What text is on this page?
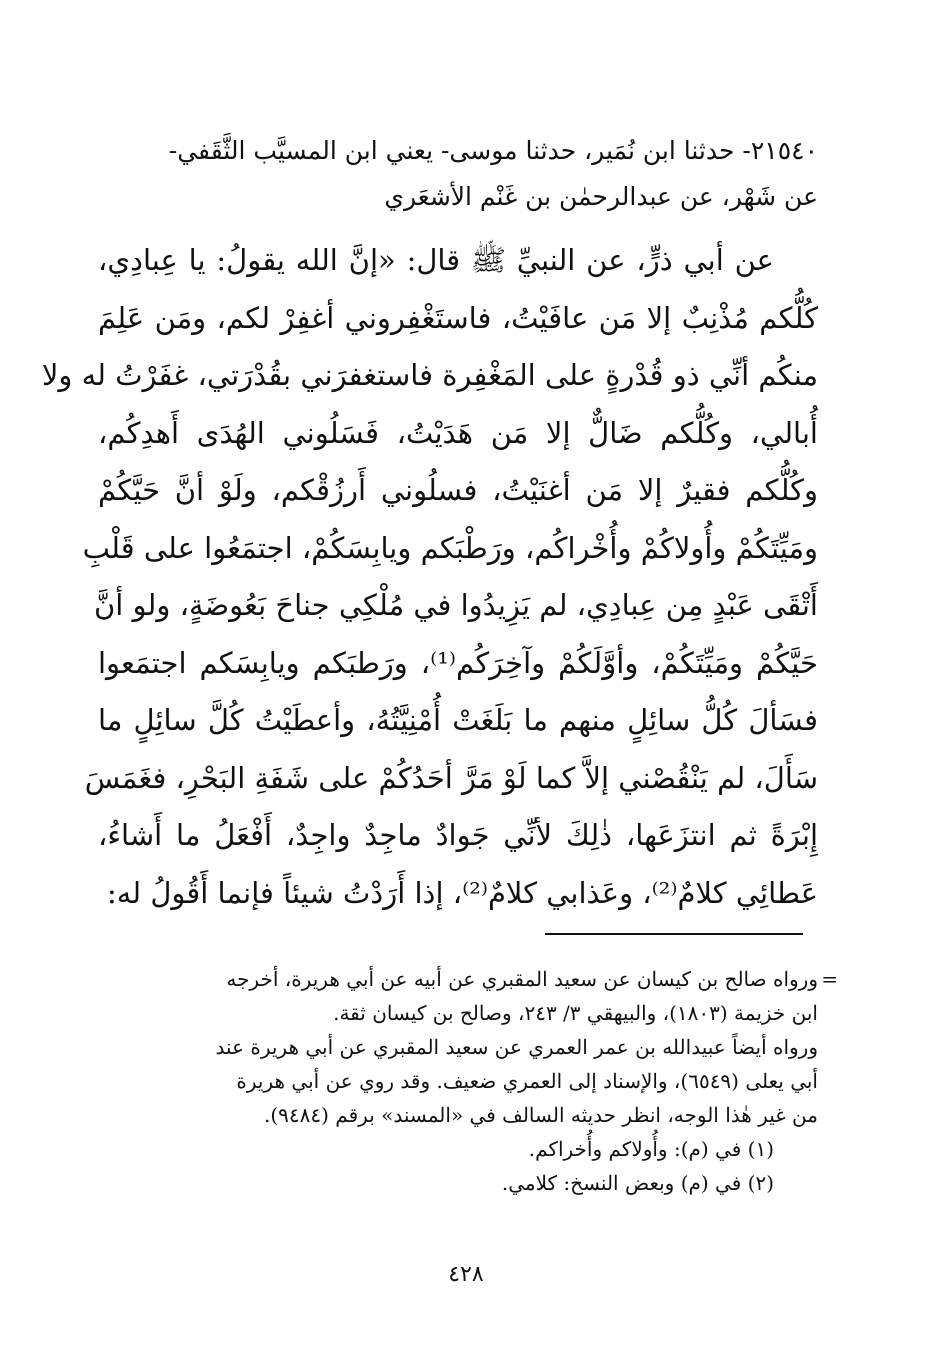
٢١٥٤٠- حدثنا ابن نُمَير، حدثنا موسى- يعني ابن المسيَّب الثَّقَفي-
عن شَهْر، عن عبدالرحمٰن بن غَنْم الأشعَري
عن أبي ذرٍّ، عن النبيِّ ﷺ قال: «إنَّ الله يقولُ: يا عِبادِي،
كُلُّكم مُذْنِبٌ إلا مَن عافَيْتُ، فاستَغْفِروني أغفِرْ لكم، ومَن عَلِمَ
منكُم أنِّي ذو قُدْرةٍ على المَغْفِرة فاستغفرَني بقُدْرَتي، غفَرْتُ له ولا
أُبالي، وكُلُّكم ضَالٌّ إلا مَن هَدَيْتُ، فَسَلُوني الهُدَى أَهدِكُم،
وكُلُّكم فقيرٌ إلا مَن أغنَيْتُ، فسلُوني أَرزُقْكم، ولَوْ أنَّ حَيَّكُمْ
ومَيِّتَكُمْ وأُولاكُمْ وأُخْراكُم، ورَطْبَكم ويابِسَكُمْ، اجتمَعُوا على قَلْبِ
أَتْقَى عَبْدٍ مِن عِبادِي، لم يَزِيدُوا في مُلْكِي جناحَ بَعُوضَةٍ، ولو أنَّ
حَيَّكُمْ ومَيِّتَكُمْ، وأوَّلَكُمْ وآخِرَكُم⁽¹⁾، ورَطبَكم ويابِسَكم اجتمَعوا
فسَألَ كُلُّ سائِلٍ منهم ما بَلَغَتْ أُمْنِيَّتُهُ، وأعطَيْتُ كُلَّ سائِلٍ ما
سَأَلَ، لم يَنْقُصْني إلاَّ كما لَوْ مَرَّ أحَدُكُمْ على شَفَةِ البَحْرِ، فغَمَسَ
إِبْرَةً ثم انتزَعَها، ذٰلِكَ لأنِّي جَوادٌ ماجِدٌ واجِدٌ، أَفْعَلُ ما أَشاءُ،
عَطائِي كلامٌ⁽²⁾، وعَذابي كلامٌ⁽²⁾، إذا أَرَدْتُ شيئاً فإنما أَقُولُ له:
=
ورواه صالح بن كيسان عن سعيد المقبري عن أبيه عن أبي هريرة، أخرجه
ابن خزيمة (١٨٠٣)، والبيهقي ٣/ ٢٤٣، وصالح بن كيسان ثقة.
ورواه أيضاً عبيدالله بن عمر العمري عن سعيد المقبري عن أبي هريرة عند
أبي يعلى (٦٥٤٩)، والإسناد إلى العمري ضعيف. وقد روي عن أبي هريرة
من غير هٰذا الوجه، انظر حديثه السالف في «المسند» برقم (٩٤٨٤).
(١) في (م): وأُولاكم وأُخراكم.
(٢) في (م) وبعض النسخ: كلامي.
٤٢٨
